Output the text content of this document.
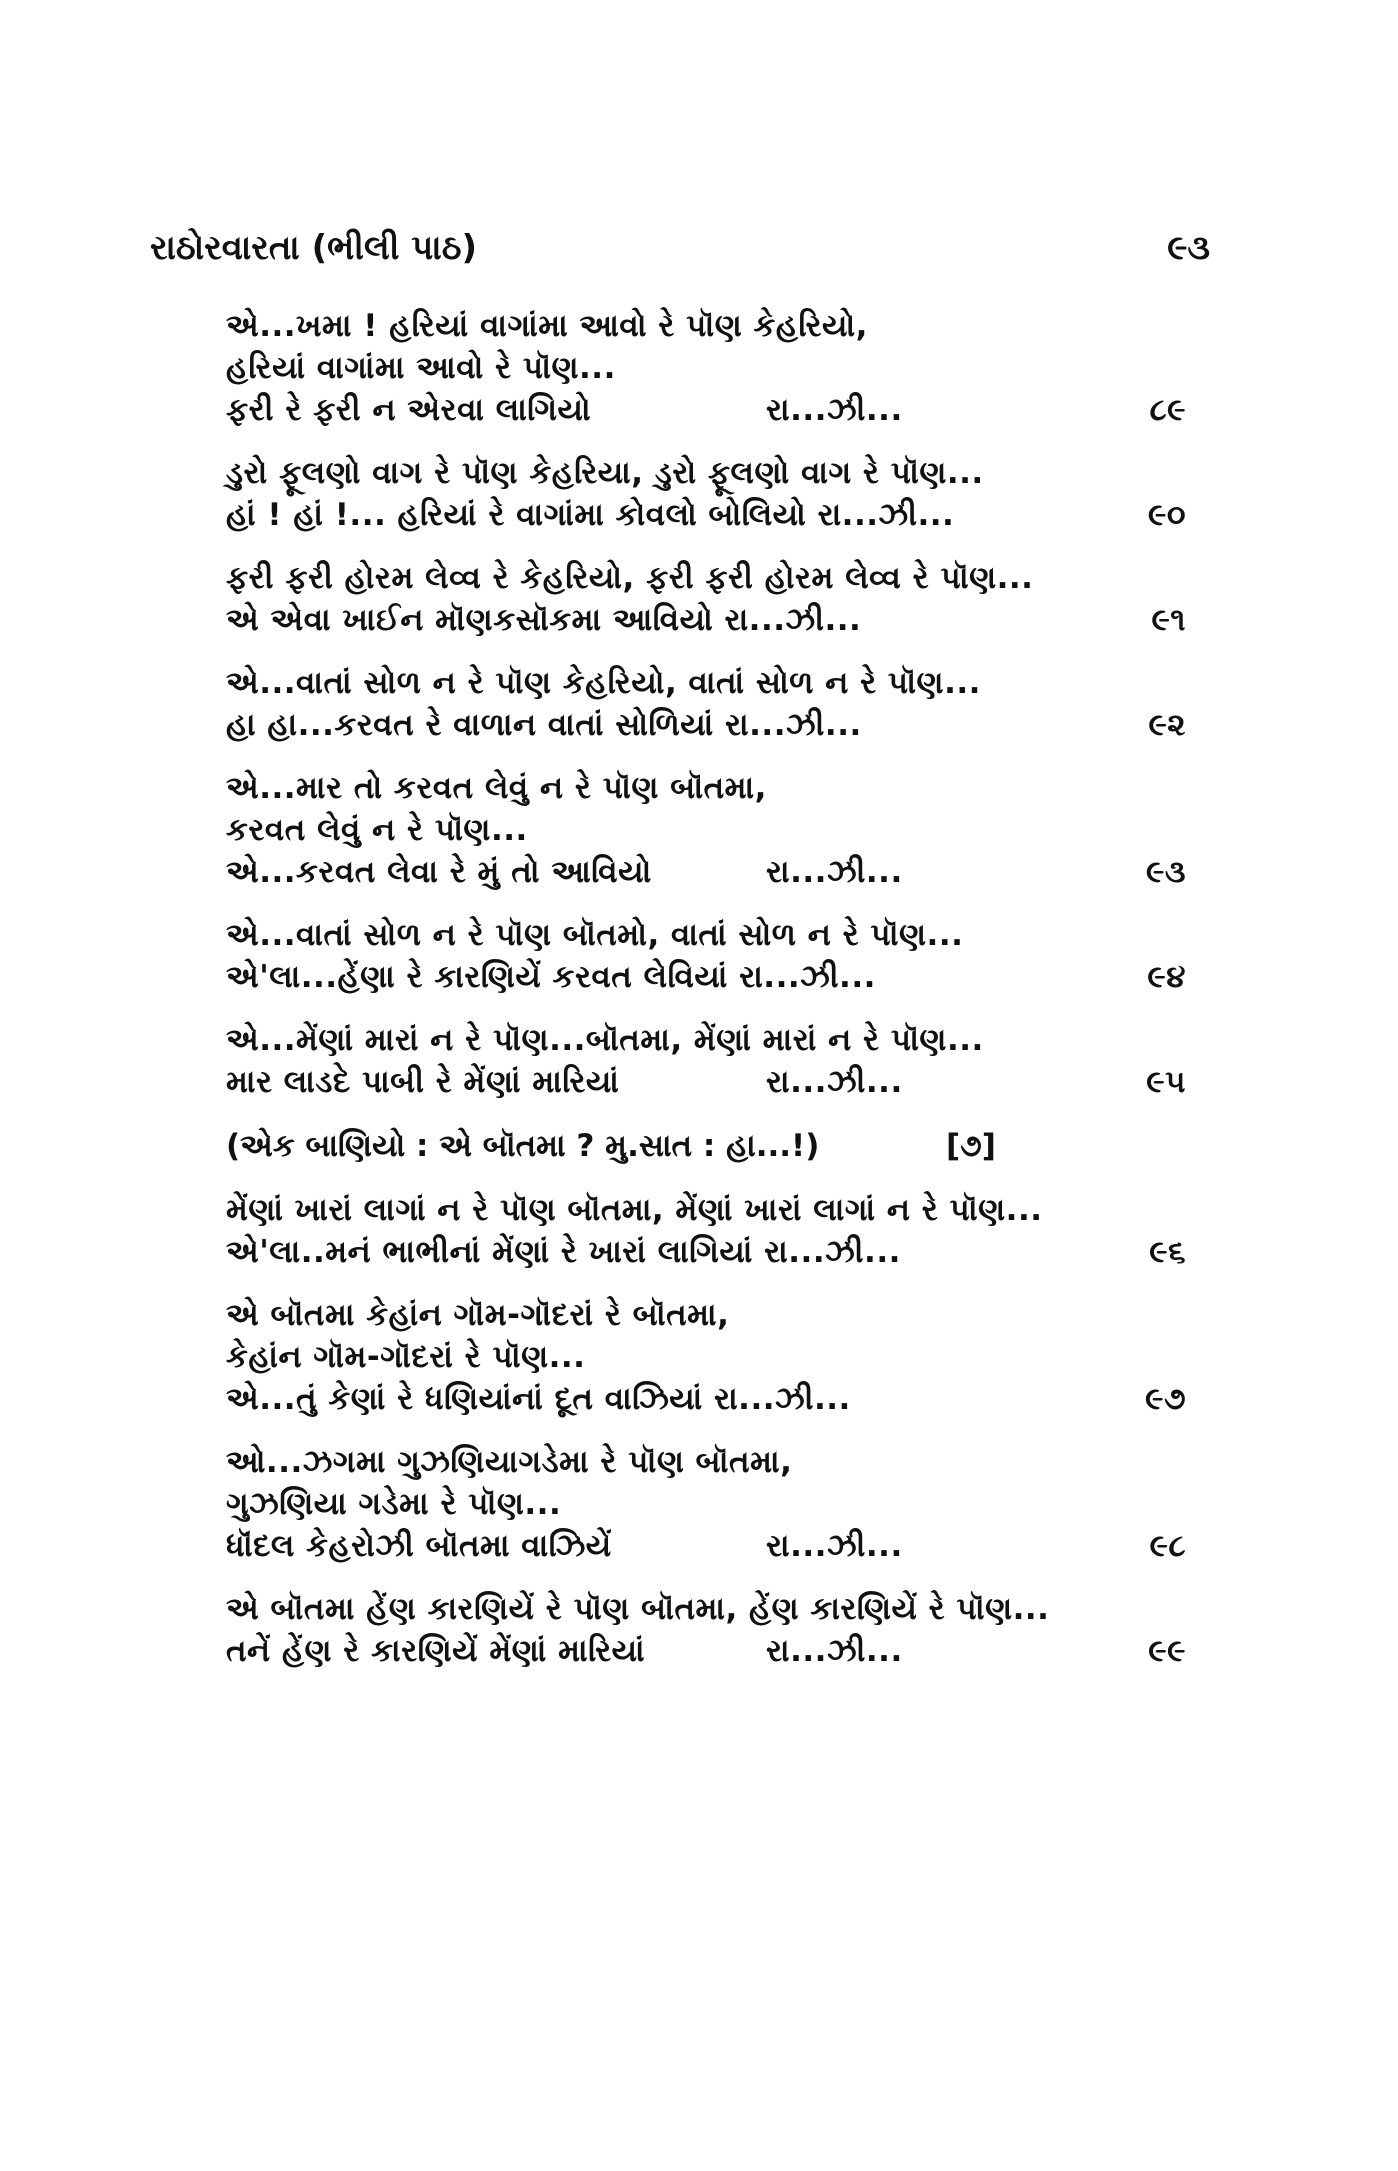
રાઠોરવારતા (ભીલી પાઠ)	૯૩
એ...ખમા ! હરિયાં વાગાંમા આવો રે પૉણ કેહરિયો,
હરિયાં વાગાંમા આવો રે પૉણ...
ફરી રે ફરી ન એરવા લાગિયો	રા...ઝી...	૮૯
ડુરો ફૂલણો વાગ રે પૉણ કેહરિયા, ડુરો ફૂલણો વાગ રે પૉણ...
હાં ! હાં !... હરિયાં રે વાગાંમા કોવલો બોલિયો રા...ઝી...	૯૦
ફરી ફરી હોરમ લેવ્વ રે કેહરિયો, ફરી ફરી હોરમ લેવ્વ રે પૉણ...
એ એવા ખાઈન મૉણકસૉકમા આવિયો રા...ઝી...	૯૧
એ...વાતાં સોળ ન રે પૉણ કેહરિયો, વાતાં સોળ ન રે પૉણ...
હા હા...કરવત રે વાળાન વાતાં સોળિયાં રા...ઝી...	૯૨
એ...માર તો કરવત લેવું ન રે પૉણ બૉતમા,
કરવત લેવું ન રે પૉણ...
એ...કરવત લેવા રે મું તો આવિયો	રા...ઝી...	૯૩
એ...વાતાં સોળ ન રે પૉણ બૉતમો, વાતાં સોળ ન રે પૉણ...
એ'લા...હેંણા રે કારણિયેં કરવત લેવિયાં રા...ઝી...	૯૪
એ...મેંણાં મારાં ન રે પૉણ...બૉતમા, મેંણાં મારાં ન રે પૉણ...
માર લાડદે પાબી રે મેંણાં મારિયાં	રા...ઝી...	૯૫
(એક બાણિયો : એ બૉતમા ? મુ.સાત : હા...!)	[૭]
મેંણાં ખારાં લાગાં ન રે પૉણ બૉતમા, મેંણાં ખારાં લાગાં ન રે પૉણ...
એ'લા..મનં ભાભીનાં મેંણાં રે ખારાં લાગિયાં રા...ઝી...	૯૬
એ બૉતમા કેહાંન ગૉમ-ગૉદરાં રે બૉતમા,
કેહાંન ગૉમ-ગૉદરાં રે પૉણ...
એ...તું કેણાં રે ધણિયાંનાં દૂત વાઝિયાં રા...ઝી...	૯૭
ઓ...ઝગમા ગુઝણિયાગડેમા રે પૉણ બૉતમા,
ગુઝણિયા ગડેમા રે પૉણ...
ધૉંદલ કેહરોઝી બૉતમા વાઝિયેં	રા...ઝી...	૯૮
એ બૉતમા હેંણ કારણિયેં રે પૉણ બૉતમા, હેંણ કારણિયેં રે પૉણ...
તનેં હેંણ રે કારણિયેં મેંણાં મારિયાં	રા...ઝી...	૯૯
